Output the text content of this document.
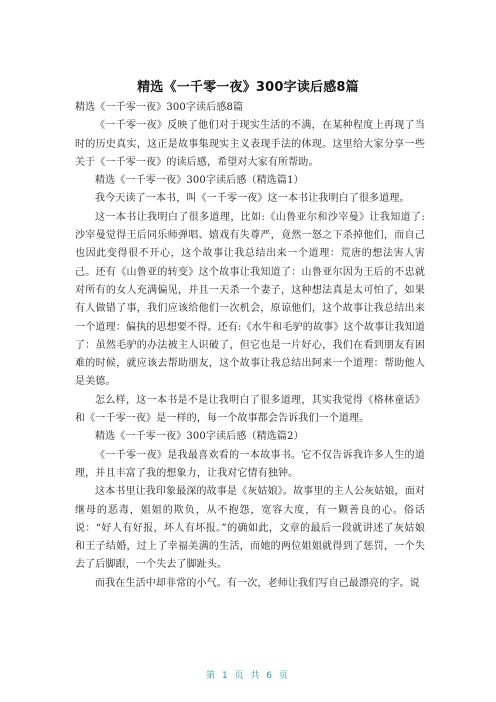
精选《一千零一夜》300字读后感8篇

精选《一千零一夜》300字读后感8篇

《一千零一夜》反映了他们对于现实生活的不满，在某种程度上再现了当时的历史真实，这正是故事集现实主义表现手法的体现。这里给大家分享一些关于《一千零一夜》的读后感，希望对大家有所帮助。

精选《一千零一夜》300字读后感（精选篇1）

我今天读了一本书，叫《一千零一夜》这一本书让我明白了很多道理。

这一本书让我明白了很多道理，比如:《山鲁亚尔和沙宰曼》让我知道了:沙宰曼觉得王后同乐师弹唱、嬉戏有失尊严，竟然一怒之下杀掉他们，而自己也因此变得很不开心，这个故事让我总结出来一个道理：荒唐的想法害人害己。还有《山鲁亚的转变》这个故事让我知道了：山鲁亚尔因为王后的不忠就对所有的女人充满偏见，并且一天杀一个妻子，这种想法真是太可怕了，如果有人做错了事，我们应该给他们一次机会，原谅他们，这个故事让我总结出来一个道理：偏执的思想要不得。还有:《水牛和毛驴的故事》这个故事让我知道了：虽然毛驴的办法被主人识破了，但它也是一片好心，我们在看到朋友有困难的时候，就应该去帮助朋友，这个故事让我总结出阿来一个道理：帮助他人是美德。

怎么样，这一本书是不是让我明白了很多道理，其实我觉得《格林童话》和《一千零一夜》是一样的，每一个故事都会告诉我们一个道理。

精选《一千零一夜》300字读后感（精选篇2）

《一千零一夜》是我最喜欢看的一本故事书。它不仅告诉我许多人生的道理，并且丰富了我的想象力，让我对它情有独钟。

这本书里让我印象最深的故事是《灰姑娘》。故事里的主人公灰姑娘，面对继母的恶毒，姐姐的欺负，从不抱怨，宽容大度，有一颗善良的心。俗话说：“好人有好报，坏人有坏报。”的确如此，文章的最后一段就讲述了灰姑娘和王子结婚，过上了幸福美满的生活，而她的两位姐姐就得到了惩罚，一个失去了后脚跟，一个失去了脚趾头。

而我在生活中却非常的小气。有一次，老师让我们写自己最漂亮的字。说

第 1 页 共 6 页
